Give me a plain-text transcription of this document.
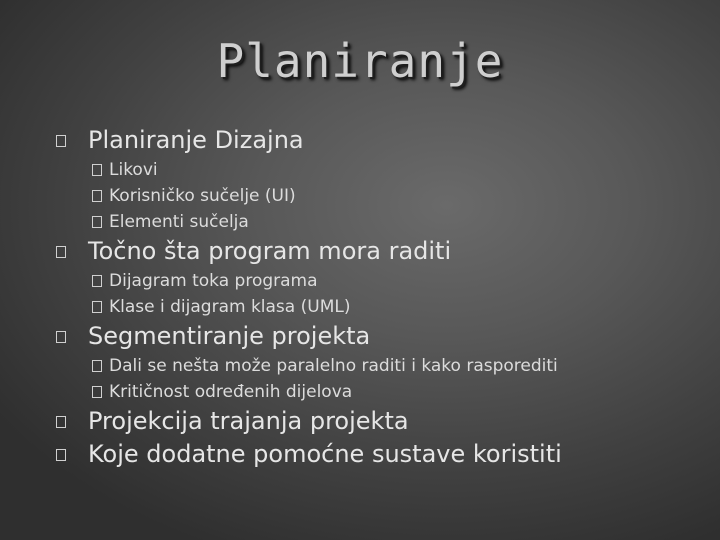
Planiranje
Planiranje Dizajna
Likovi
Korisničko sučelje (UI)
Elementi sučelja
Točno šta program mora raditi
Dijagram toka programa
Klase i dijagram klasa (UML)
Segmentiranje projekta
Dali se nešta može paralelno raditi i kako rasporediti
Kritičnost određenih dijelova
Projekcija trajanja projekta
Koje dodatne pomoćne sustave koristiti
